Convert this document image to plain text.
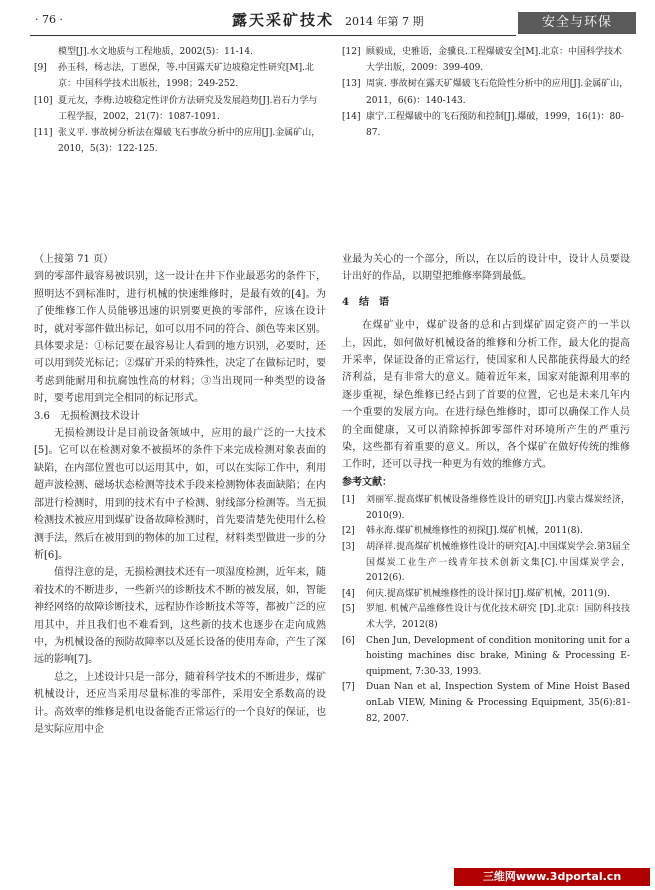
· 76 ·	露天采矿技术 2014 年第 7 期	安全与环保
模型[J].水文地质与工程地质，2002(5)：11-14.
[9]	孙玉科，杨志法，丁恩保，等.中国露天矿边坡稳定性研究[M].北京：中国科学技术出版社，1998；249-252.
[10] 夏元友，李梅.边坡稳定性评价方法研究及发展趋势[J].岩石力学与工程学报，2002，21(7)：1087-1091.
[11] 张义平. 事故树分析法在爆破飞石事故分析中的应用[J].金属矿山，2010，5(3)：122-125.
[12] 顾毅成，史雅语，金骥良.工程爆破安全[M].北京：中国科学技术大学出版，2009：399-409.
[13] 周寅. 事故树在露天矿爆破飞石危险性分析中的应用[J].金属矿山，2011，6(6)：140-143.
[14] 康宁.工程爆破中的飞石预防和控制[J].爆破，1999，16(1)：80-87.

（上接第 71 页）

到的零部件最容易被识别，这一设计在井下作业最恶劣的条件下，照明达不到标准时，进行机械的快速维修时，是最有效的[4]。为了使维修工作人员能够迅速的识别要更换的零部件，应该在设计时，就对零部件做出标记，如可以用不同的符合、颜色等来区别。具体要求是：①标记要在最容易让人看到的地方识别，必要时，还可以用到荧光标记；②煤矿开采的特殊性，决定了在做标记时，要考虑到能耐用和抗腐蚀性高的材料；③当出现同一种类型的设备时，要考虑用到完全相同的标记形式。

3.6　无损检测技术设计

无损检测设计是目前设备领域中，应用的最广泛的一大技术[5]。它可以在检测对象不被损坏的条件下来完成检测对象表面的缺陷，在内部位置也可以运用其中，如，可以在实际工作中，利用超声波检测、磁场状态检测等技术手段来检测物体表面缺陷；在内部进行检测时，用到的技术有中子检测、射线部分检测等。当无损检测技术被应用到煤矿设备故障检测时，首先要清楚先使用什么检测手法，然后在被用到的物体的加工过程，材料类型做进一步的分析[6]。

值得注意的是，无损检测技术还有一项湿度检测，近年来，随着技术的不断进步，一些新兴的诊断技术不断的被发展，如，智能神经网络的故障诊断技术，远程协作诊断技术等等，都被广泛的应用其中，并且我们也不难看到，这些新的技术也逐步在走向成熟中，为机械设备的预防故障率以及延长设备的使用寿命，产生了深远的影响[7]。

总之，上述设计只是一部分，随着科学技术的不断进步，煤矿机械设计，还应当采用尽量标准的零部件，采用安全系数高的设计。高效率的维修是机电设备能否正常运行的一个良好的保证，也是实际应用中企

业最为关心的一个部分，所以，在以后的设计中，设计人员要设计出好的作品，以期望把维修率降到最低。

4　结　语

在煤矿业中，煤矿设备的总和占到煤矿固定资产的一半以上，因此，如何做好机械设备的维修和分析工作，最大化的提高开采率，保证设备的正常运行，使国家和人民都能获得最大的经济利益，是有非常大的意义。随着近年来，国家对能源利用率的逐步重视，绿色维修已经占到了首要的位置，它也是未来几年内一个重要的发展方向。在进行绿色维修时，即可以确保工作人员的全面健康，又可以消除掉拆卸零部件对环境所产生的严重污染，这些都有着重要的意义。所以，各个煤矿在做好传统的维修工作时，还可以寻找一种更为有效的维修方式。

参考文献：

[1]	刘丽军.提高煤矿机械设备维修性设计的研究[J].内蒙古煤炭经济，2010(9).
[2]	韩永海.煤矿机械维修性的初探[J].煤矿机械，2011(8).
[3]	胡泽祥.提高煤矿机械维修性设计的研究[A].中国煤炭学会.第3届全国煤炭工业生产一线青年技术创新文集[C].中国煤炭学会，2012(6).
[4]	何庆.提高煤矿机械维修性的设计探讨[J].煤矿机械，2011(9).
[5]	罗旭. 机械产品维修性设计与优化技术研究 [D].北京：国防科技技术大学，2012(8)
[6]	Chen Jun, Development of condition monitoring unit for a hoisting machines disc brake, Mining & Processing E-quipment, 7:30-33, 1993.
[7]	Duan Nan et al, Inspection System of Mine Hoist Based onLab VIEW, Mining & Processing Equipment, 35(6):81-82, 2007.
三维网www.3dportal.cn
